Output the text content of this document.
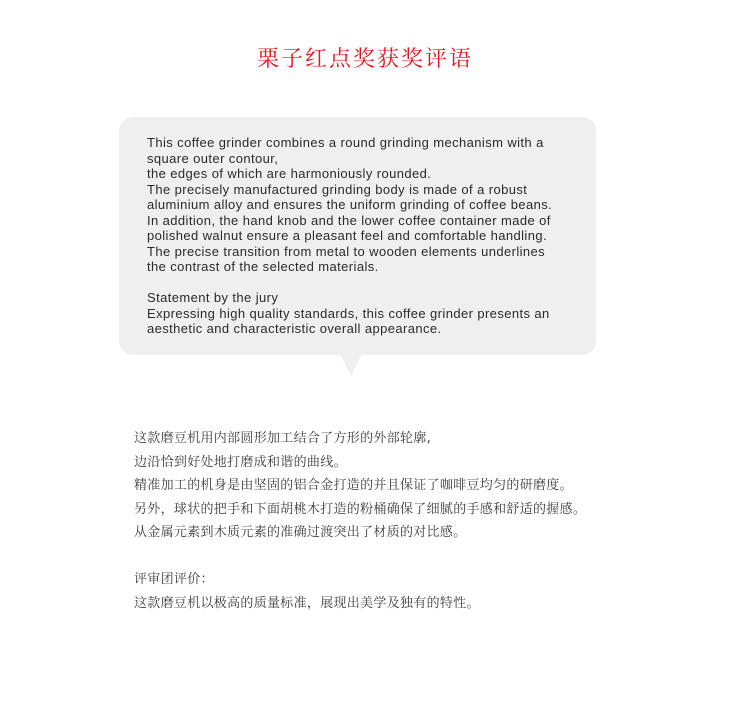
栗子红点奖获奖评语
This coffee grinder combines a round grinding mechanism with a
square outer contour,
the edges of which are harmoniously rounded.
The precisely manufactured grinding body is made of a robust
aluminium alloy and ensures the uniform grinding of coffee beans.
In addition, the hand knob and the lower coffee container made of
polished walnut ensure a pleasant feel and comfortable handling.
The precise transition from metal to wooden elements underlines
the contrast of the selected materials.
Statement by the jury
Expressing high quality standards, this coffee grinder presents an
aesthetic and characteristic overall appearance.
这款磨豆机用内部圆形加工结合了方形的外部轮廓,
边沿恰到好处地打磨成和谐的曲线。
精准加工的机身是由坚固的铝合金打造的并且保证了咖啡豆均匀的研磨度。
另外，球状的把手和下面胡桃木打造的粉桶确保了细腻的手感和舒适的握感。
从金属元素到木质元素的准确过渡突出了材质的对比感。
评审团评价：
这款磨豆机以极高的质量标准，展现出美学及独有的特性。
